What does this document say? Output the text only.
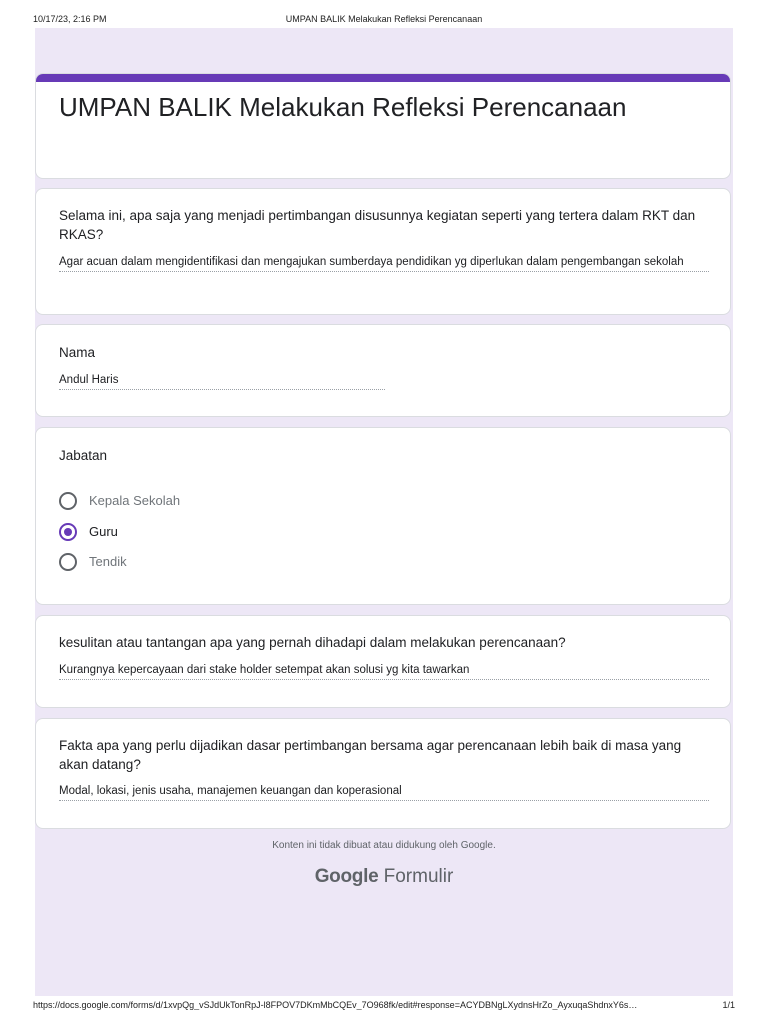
10/17/23, 2:16 PM	UMPAN BALIK Melakukan Refleksi Perencanaan
UMPAN BALIK Melakukan Refleksi Perencanaan
Selama ini, apa saja yang menjadi pertimbangan disusunnya kegiatan seperti yang tertera dalam RKT dan RKAS?
Agar acuan dalam mengidentifikasi dan mengajukan sumberdaya pendidikan yg diperlukan dalam pengembangan sekolah
Nama
Andul Haris
Jabatan
Kepala Sekolah
Guru
Tendik
kesulitan atau tantangan apa yang pernah dihadapi dalam melakukan perencanaan?
Kurangnya kepercayaan dari stake holder setempat akan solusi yg kita tawarkan
Fakta apa yang perlu dijadikan dasar pertimbangan bersama agar perencanaan lebih baik di masa yang akan datang?
Modal, lokasi, jenis usaha, manajemen keuangan dan koperasional
Konten ini tidak dibuat atau didukung oleh Google.
Google Formulir
https://docs.google.com/forms/d/1xvpQg_vSJdUkTonRpJ-l8FPOV7DKmMbCQEv_7O968fk/edit#response=ACYDBNgLXydnsHrZo_AyxuqaShdnxY6s…	1/1
